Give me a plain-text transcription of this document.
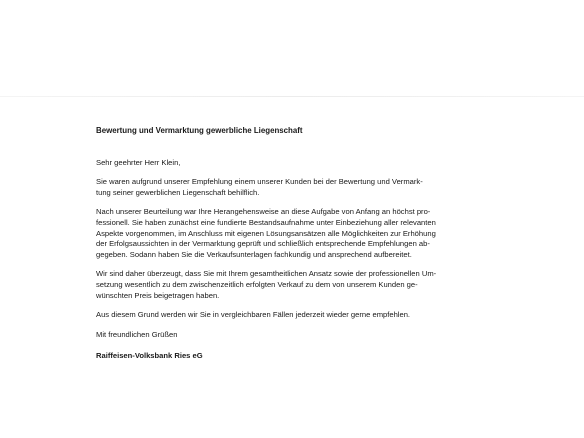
Bewertung und Vermarktung gewerbliche Liegenschaft
Sehr geehrter Herr Klein,
Sie waren aufgrund unserer Empfehlung einem unserer Kunden bei der Bewertung und Vermark-
tung seiner gewerblichen Liegenschaft behilflich.
Nach unserer Beurteilung war Ihre Herangehensweise an diese Aufgabe von Anfang an höchst pro-
fessionell. Sie haben zunächst eine fundierte Bestandsaufnahme unter Einbeziehung aller relevanten
Aspekte vorgenommen, im Anschluss mit eigenen Lösungsansätzen alle Möglichkeiten zur Erhöhung
der Erfolgsaussichten in der Vermarktung geprüft und schließlich entsprechende Empfehlungen ab-
gegeben. Sodann haben Sie die Verkaufsunterlagen fachkundig und ansprechend aufbereitet.
Wir sind daher überzeugt, dass Sie mit Ihrem gesamtheitlichen Ansatz sowie der professionellen Um-
setzung wesentlich zu dem zwischenzeitlich erfolgten Verkauf zu dem von unserem Kunden ge-
wünschten Preis beigetragen haben.
Aus diesem Grund werden wir Sie in vergleichbaren Fällen jederzeit wieder gerne empfehlen.
Mit freundlichen Grüßen
Raiffeisen-Volksbank Ries eG
